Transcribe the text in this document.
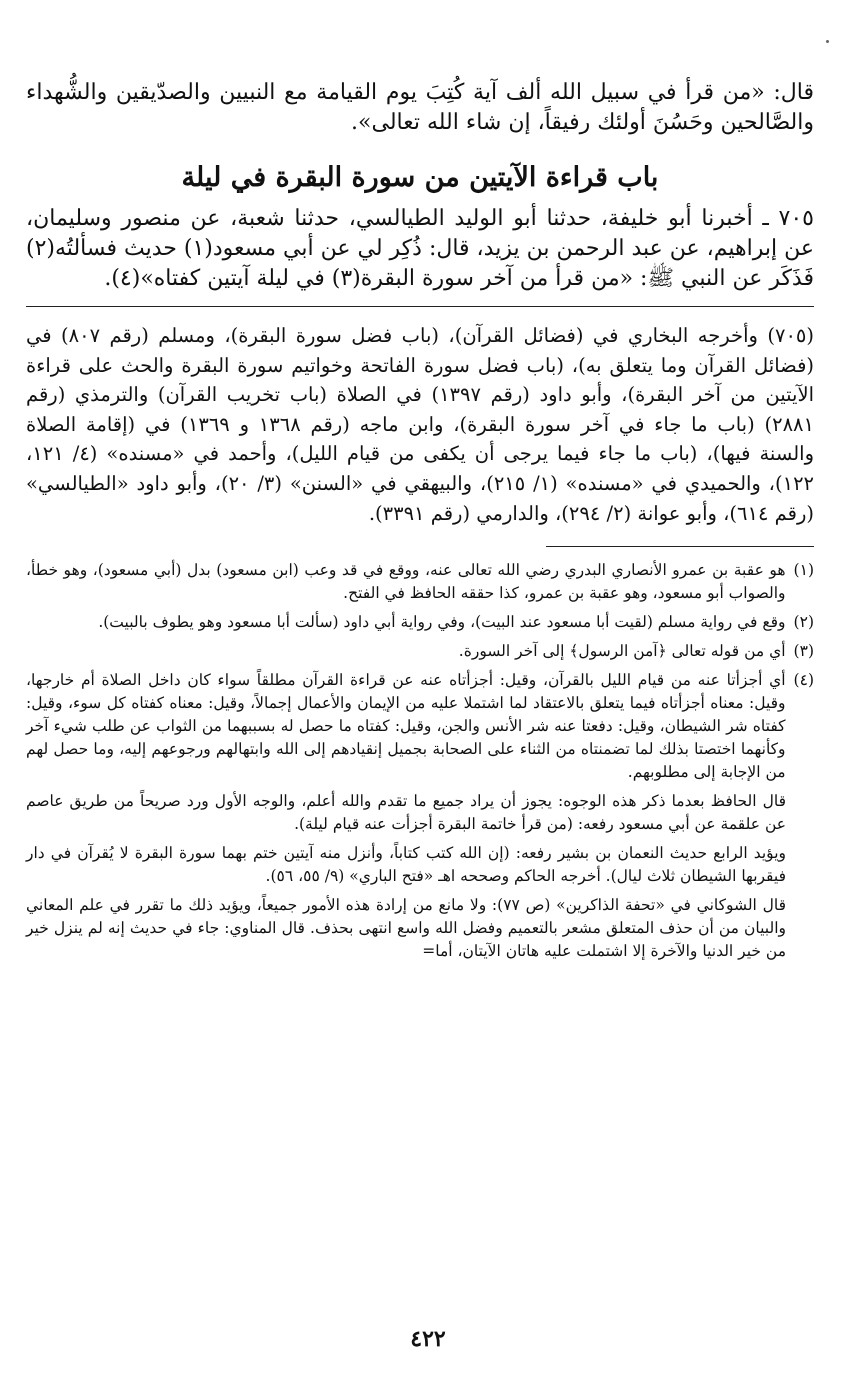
قال: «من قرأ في سبيل الله ألف آية كُتِبَ يوم القيامة مع النبيين والصدّيقين والشُّهداء والصَّالحين وحَسُنَ أولئك رفيقاً، إن شاء الله تعالى».

باب قراءة الآيتين من سورة البقرة في ليلة

٧٠٥ ـ أخبرنا أبو خليفة، حدثنا أبو الوليد الطيالسي، حدثنا شعبة، عن منصور وسليمان، عن إبراهيم، عن عبد الرحمن بن يزيد، قال: ذُكِر لي عن أبي مسعود(١) حديث فسألتُه(٢) فَذَكَر عن النبي ﷺ: «من قرأ من آخر سورة البقرة(٣) في ليلة آيتين كفتاه»(٤).

(٧٠٥) وأخرجه البخاري في (فضائل القرآن)، (باب فضل سورة البقرة)، ومسلم (رقم ٨٠٧) في (فضائل القرآن وما يتعلق به)، (باب فضل سورة الفاتحة وخواتيم سورة البقرة والحث على قراءة الآيتين من آخر البقرة)، وأبو داود (رقم ١٣٩٧) في الصلاة (باب تخريب القرآن) والترمذي (رقم ٢٨٨١) (باب ما جاء في آخر سورة البقرة)، وابن ماجه (رقم ١٣٦٨ و ١٣٦٩) في (إقامة الصلاة والسنة فيها)، (باب ما جاء فيما يرجى أن يكفى من قيام الليل)، وأحمد في «مسنده» (٤/ ١٢١، ١٢٢)، والحميدي في «مسنده» (١/ ٢١٥)، والبيهقي في «السنن» (٣/ ٢٠)، وأبو داود «الطيالسي» (رقم ٦١٤)، وأبو عوانة (٢/ ٢٩٤)، والدارمي (رقم ٣٣٩١).

(١)
هو عقبة بن عمرو الأنصاري البدري رضي الله تعالى عنه، ووقع في قد وعب (ابن مسعود) بدل (أبي مسعود)، وهو خطأ، والصواب أبو مسعود، وهو عقبة بن عمرو، كذا حققه الحافظ في الفتح.
(٢)
وقع في رواية مسلم (لقيت أبا مسعود عند البيت)، وفي رواية أبي داود (سألت أبا مسعود وهو يطوف بالبيت).
(٣)
أي من قوله تعالى ﴿آمن الرسول﴾ إلى آخر السورة.
(٤)
أي أجزأتا عنه من قيام الليل بالقرآن، وقيل: أجزأتاه عنه عن قراءة القرآن مطلقاً سواء كان داخل الصلاة أم خارجها، وقيل: معناه أجزأتاه فيما يتعلق بالاعتقاد لما اشتملا عليه من الإيمان والأعمال إجمالاً، وقيل: معناه كفتاه كل سوء، وقيل: كفتاه شر الشيطان، وقيل: دفعتا عنه شر الأنس والجن، وقيل: كفتاه ما حصل له بسببهما من الثواب عن طلب شيء آخر وكأنهما اختصتا بذلك لما تضمنتاه من الثناء على الصحابة بجميل إنقيادهم إلى الله وابتهالهم ورجوعهم إليه، وما حصل لهم من الإجابة إلى مطلوبهم.

قال الحافظ بعدما ذكر هذه الوجوه: يجوز أن يراد جميع ما تقدم والله أعلم، والوجه الأول ورد صريحاً من طريق عاصم عن علقمة عن أبي مسعود رفعه: (من قرأ خاتمة البقرة أجزأت عنه قيام ليلة).

ويؤيد الرابع حديث النعمان بن بشير رفعه: (إن الله كتب كتاباً، وأنزل منه آيتين ختم بهما سورة البقرة لا يُقرآن في دار فيقربها الشيطان ثلاث ليال). أخرجه الحاكم وصححه اهـ «فتح الباري» (٩/ ٥٥، ٥٦).

قال الشوكاني في «تحفة الذاكرين» (ص ٧٧): ولا مانع من إرادة هذه الأمور جميعاً، ويؤيد ذلك ما تقرر في علم المعاني والبيان من أن حذف المتعلق مشعر بالتعميم وفضل الله واسع انتهى بحذف. قال المناوي: جاء في حديث إنه لم ينزل خير من خير الدنيا والآخرة إلا اشتملت عليه هاتان الآيتان، أما=

٤٢٢
